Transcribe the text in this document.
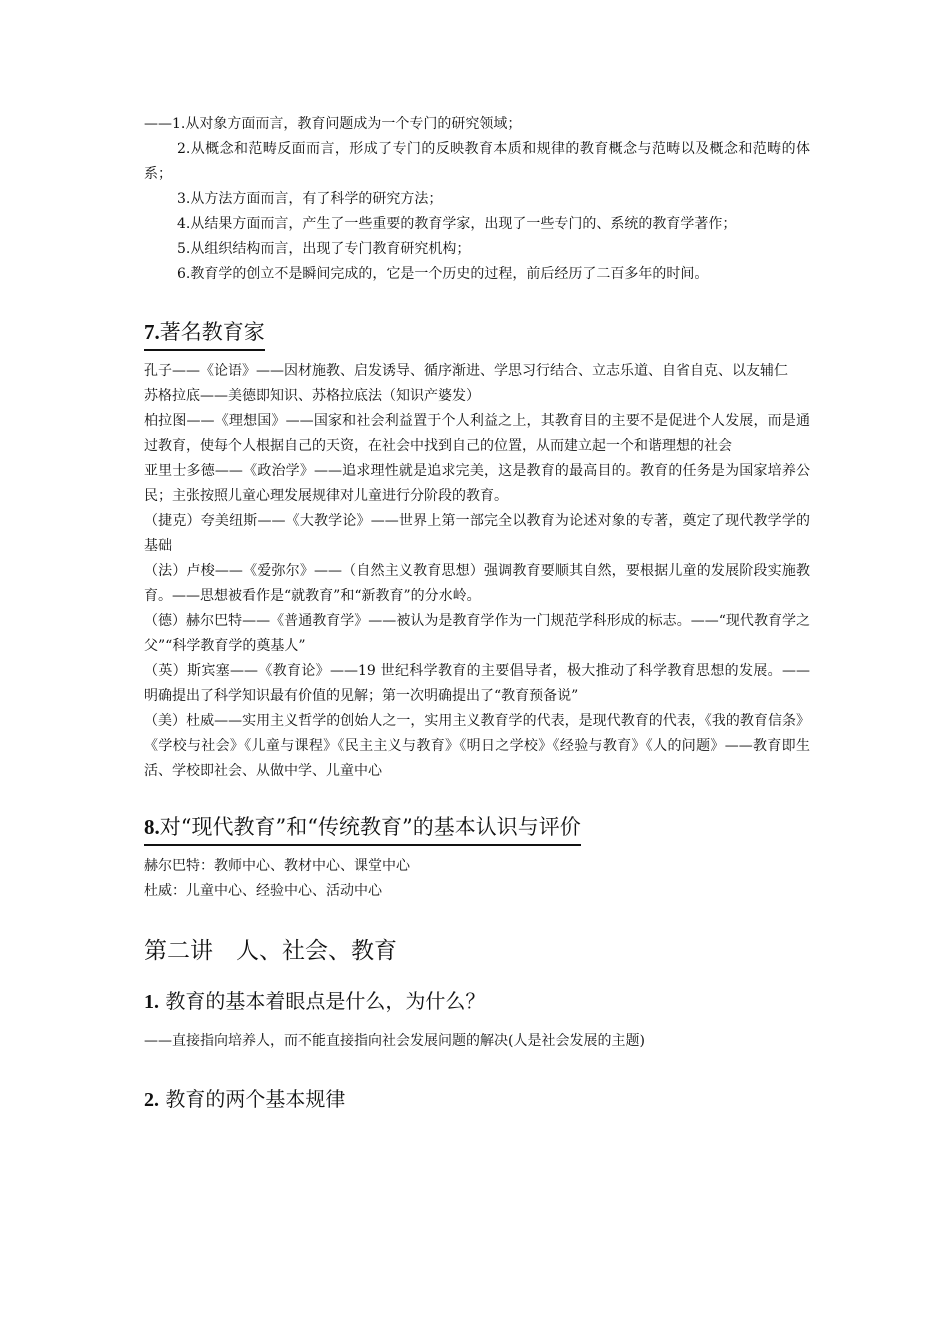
——1.从对象方面而言，教育问题成为一个专门的研究领域；

2.从概念和范畴反面而言，形成了专门的反映教育本质和规律的教育概念与范畴以及概念和范畴的体系；

3.从方法方面而言，有了科学的研究方法；

4.从结果方面而言，产生了一些重要的教育学家，出现了一些专门的、系统的教育学著作；

5.从组织结构而言，出现了专门教育研究机构；

6.教育学的创立不是瞬间完成的，它是一个历史的过程，前后经历了二百多年的时间。

7.著名教育家

孔子——《论语》——因材施教、启发诱导、循序渐进、学思习行结合、立志乐道、自省自克、以友辅仁

苏格拉底——美德即知识、苏格拉底法（知识产婆发）

柏拉图——《理想国》——国家和社会利益置于个人利益之上，其教育目的主要不是促进个人发展，而是通过教育，使每个人根据自己的天资，在社会中找到自己的位置，从而建立起一个和谐理想的社会

亚里士多德——《政治学》——追求理性就是追求完美，这是教育的最高目的。教育的任务是为国家培养公民；主张按照儿童心理发展规律对儿童进行分阶段的教育。

（捷克）夸美纽斯——《大教学论》——世界上第一部完全以教育为论述对象的专著，奠定了现代教学学的基础

（法）卢梭——《爱弥尔》——（自然主义教育思想）强调教育要顺其自然，要根据儿童的发展阶段实施教育。——思想被看作是“就教育”和“新教育”的分水岭。

（德）赫尔巴特——《普通教育学》——被认为是教育学作为一门规范学科形成的标志。——“现代教育学之父”“科学教育学的奠基人”

（英）斯宾塞——《教育论》——19 世纪科学教育的主要倡导者，极大推动了科学教育思想的发展。——明确提出了科学知识最有价值的见解；第一次明确提出了“教育预备说”

（美）杜威——实用主义哲学的创始人之一，实用主义教育学的代表，是现代教育的代表，《我的教育信条》《学校与社会》《儿童与课程》《民主主义与教育》《明日之学校》《经验与教育》《人的问题》——教育即生活、学校即社会、从做中学、儿童中心

8.对“现代教育”和“传统教育”的基本认识与评价

赫尔巴特：教师中心、教材中心、课堂中心

杜威：儿童中心、经验中心、活动中心

第二讲　人、社会、教育
1. 教育的基本着眼点是什么，为什么？

——直接指向培养人，而不能直接指向社会发展问题的解决(人是社会发展的主题)

2. 教育的两个基本规律
